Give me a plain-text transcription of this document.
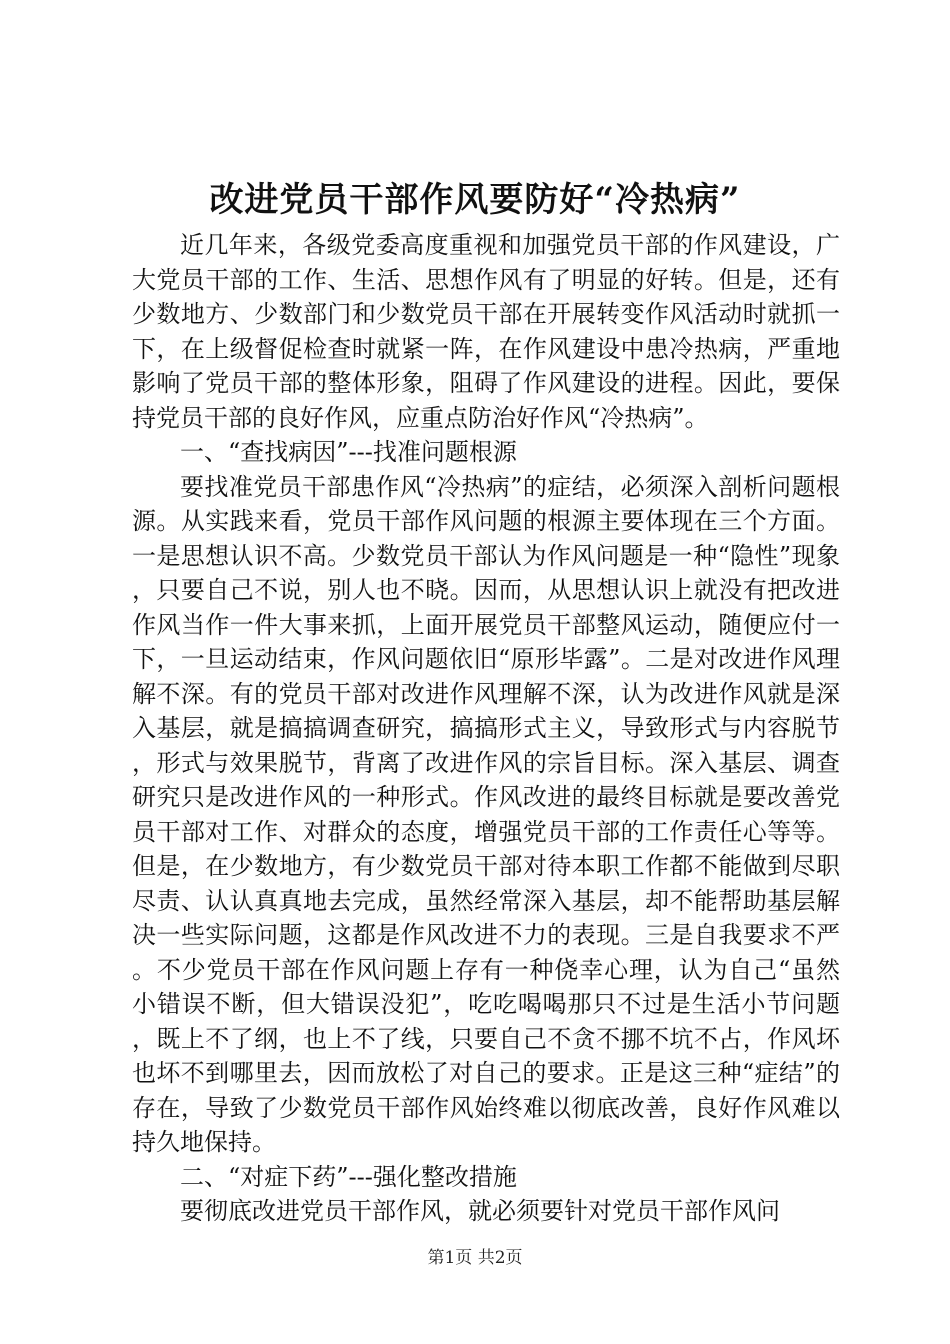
改进党员干部作风要防好“冷热病”

近几年来，各级党委高度重视和加强党员干部的作风建设，广大党员干部的工作、生活、思想作风有了明显的好转。但是，还有少数地方、少数部门和少数党员干部在开展转变作风活动时就抓一下，在上级督促检查时就紧一阵，在作风建设中患冷热病，严重地影响了党员干部的整体形象，阻碍了作风建设的进程。因此，要保持党员干部的良好作风，应重点防治好作风“冷热病”。

一、“查找病因”---找准问题根源

要找准党员干部患作风“冷热病”的症结，必须深入剖析问题根源。从实践来看，党员干部作风问题的根源主要体现在三个方面。一是思想认识不高。少数党员干部认为作风问题是一种“隐性”现象，只要自己不说，别人也不晓。因而，从思想认识上就没有把改进作风当作一件大事来抓，上面开展党员干部整风运动，随便应付一下，一旦运动结束，作风问题依旧“原形毕露”。二是对改进作风理解不深。有的党员干部对改进作风理解不深，认为改进作风就是深入基层，就是搞搞调查研究，搞搞形式主义，导致形式与内容脱节，形式与效果脱节，背离了改进作风的宗旨目标。深入基层、调查研究只是改进作风的一种形式。作风改进的最终目标就是要改善党员干部对工作、对群众的态度，增强党员干部的工作责任心等等。但是，在少数地方，有少数党员干部对待本职工作都不能做到尽职尽责、认认真真地去完成，虽然经常深入基层，却不能帮助基层解决一些实际问题，这都是作风改进不力的表现。三是自我要求不严。不少党员干部在作风问题上存有一种侥幸心理，认为自己“虽然小错误不断，但大错误没犯”，吃吃喝喝那只不过是生活小节问题，既上不了纲，也上不了线，只要自己不贪不挪不坑不占，作风坏也坏不到哪里去，因而放松了对自己的要求。正是这三种“症结”的存在，导致了少数党员干部作风始终难以彻底改善，良好作风难以持久地保持。

二、“对症下药”---强化整改措施

要彻底改进党员干部作风，就必须要针对党员干部作风问

第1页 共2页
